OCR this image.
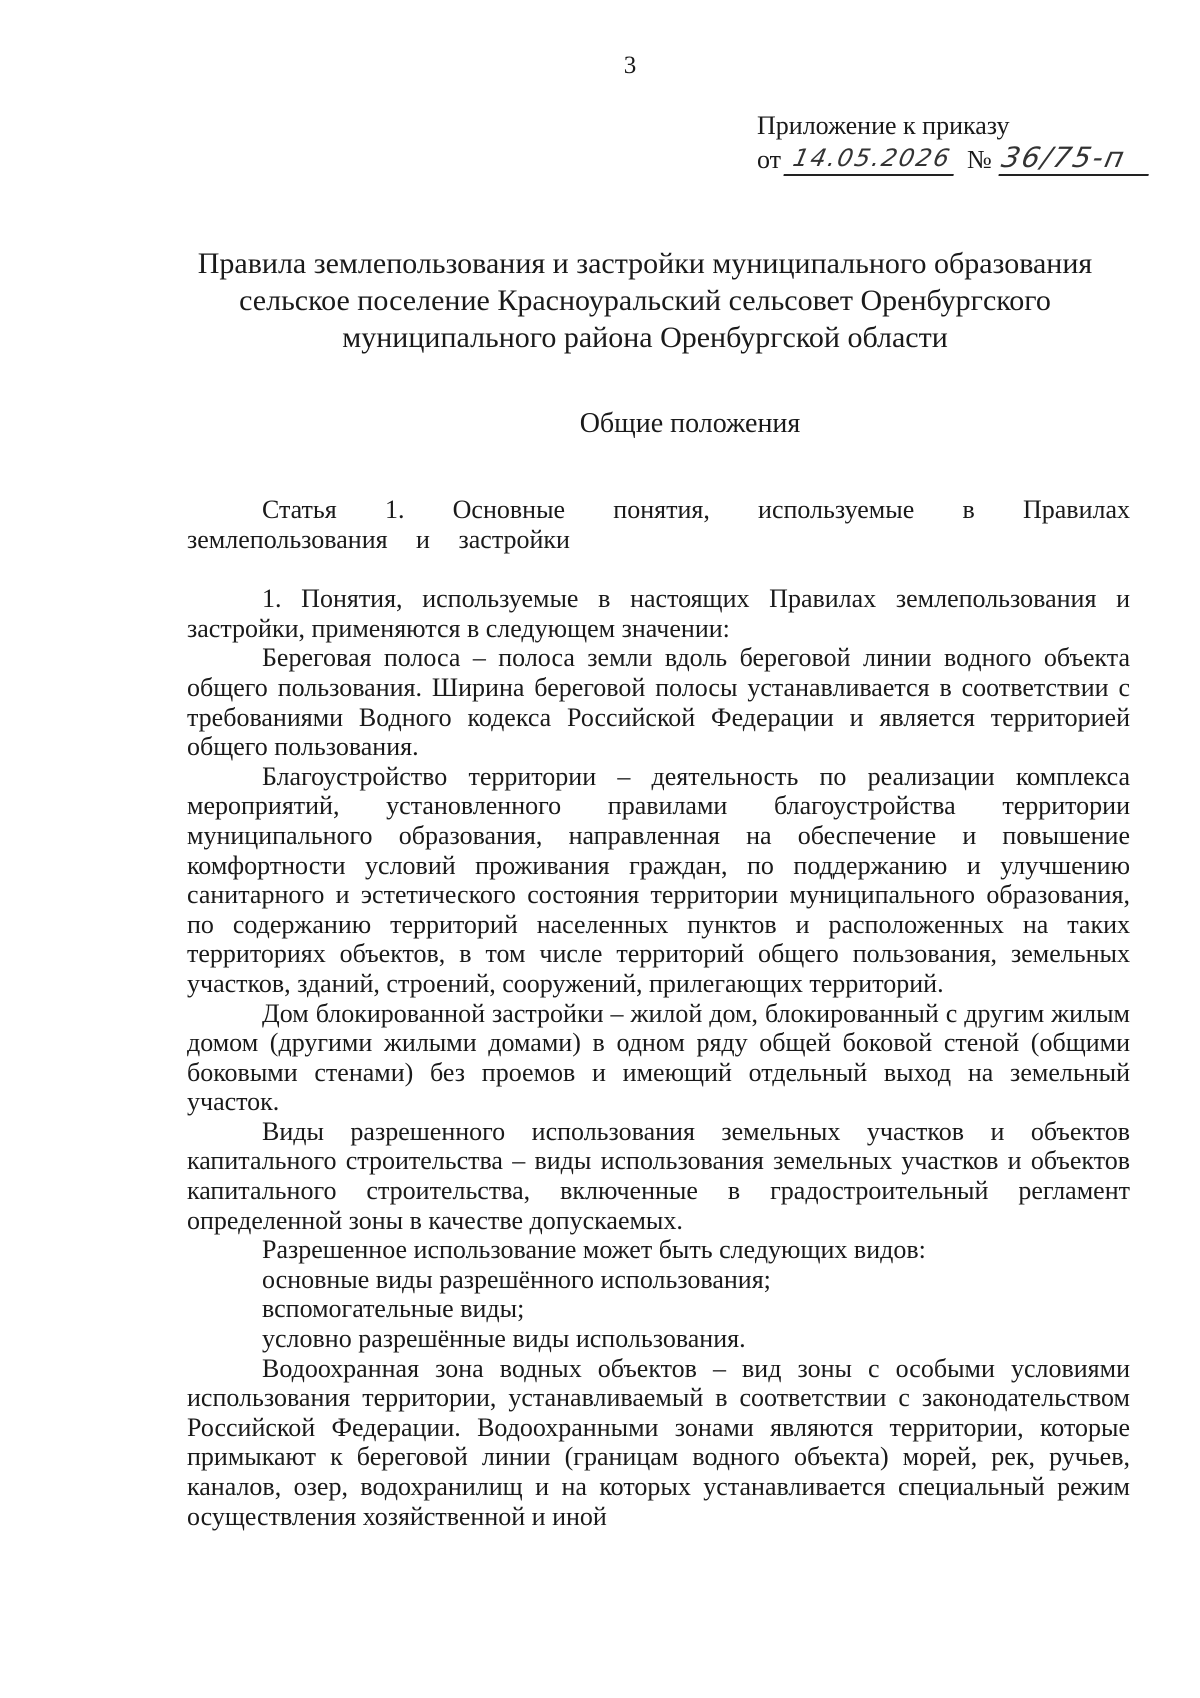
3
Приложение к приказу
от 14.05.2026 № 36/75-п
Правила землепользования и застройки муниципального образования сельское поселение Красноуральский сельсовет Оренбургского муниципального района Оренбургской области
Общие положения

Статья 1. Основные понятия, используемые в Правилах землепользования и застройки

1. Понятия, используемые в настоящих Правилах землепользования и застройки, применяются в следующем значении:

Береговая полоса – полоса земли вдоль береговой линии водного объекта общего пользования. Ширина береговой полосы устанавливается в соответствии с требованиями Водного кодекса Российской Федерации и является территорией общего пользования.

Благоустройство территории – деятельность по реализации комплекса мероприятий, установленного правилами благоустройства территории муниципального образования, направленная на обеспечение и повышение комфортности условий проживания граждан, по поддержанию и улучшению санитарного и эстетического состояния территории муниципального образования, по содержанию территорий населенных пунктов и расположенных на таких территориях объектов, в том числе территорий общего пользования, земельных участков, зданий, строений, сооружений, прилегающих территорий.

Дом блокированной застройки – жилой дом, блокированный с другим жилым домом (другими жилыми домами) в одном ряду общей боковой стеной (общими боковыми стенами) без проемов и имеющий отдельный выход на земельный участок.

Виды разрешенного использования земельных участков и объектов капитального строительства – виды использования земельных участков и объектов капитального строительства, включенные в градостроительный регламент определенной зоны в качестве допускаемых.

Разрешенное использование может быть следующих видов:

основные виды разрешённого использования;

вспомогательные виды;

условно разрешённые виды использования.

Водоохранная зона водных объектов – вид зоны с особыми условиями использования территории, устанавливаемый в соответствии с законодательством Российской Федерации. Водоохранными зонами являются территории, которые примыкают к береговой линии (границам водного объекта) морей, рек, ручьев, каналов, озер, водохранилищ и на которых устанавливается специальный режим осуществления хозяйственной и иной
